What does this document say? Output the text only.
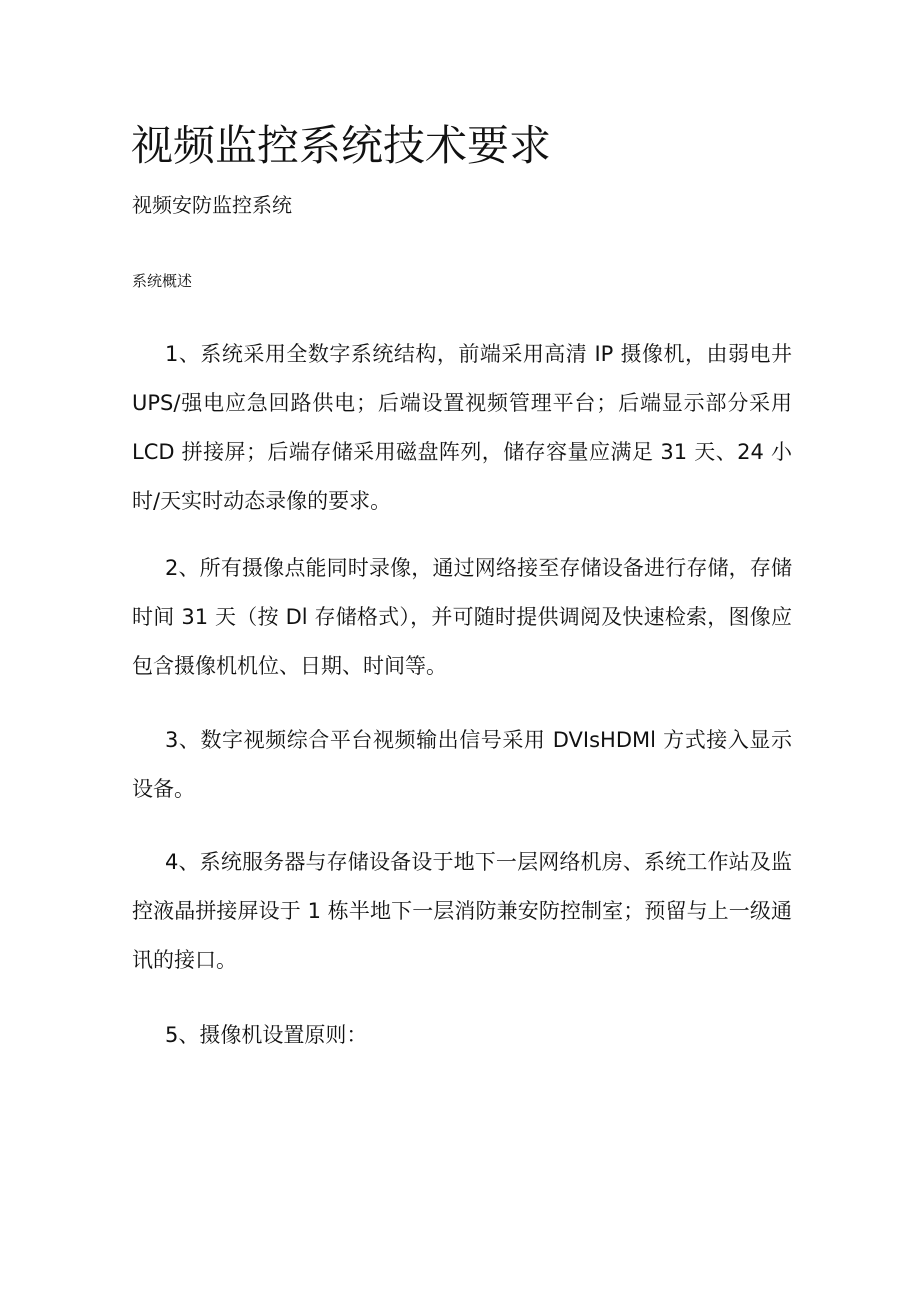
视频监控系统技术要求
视频安防监控系统
系统概述

1、系统采用全数字系统结构，前端采用高清 IP 摄像机，由弱电井 UPS/强电应急回路供电；后端设置视频管理平台；后端显示部分采用 LCD 拼接屏；后端存储采用磁盘阵列，储存容量应满足 31 天、24 小时/天实时动态录像的要求。

2、所有摄像点能同时录像，通过网络接至存储设备进行存储，存储时间 31 天（按 Dl 存储格式），并可随时提供调阅及快速检索，图像应包含摄像机机位、日期、时间等。

3、数字视频综合平台视频输出信号采用 DVIsHDMl 方式接入显示设备。

4、系统服务器与存储设备设于地下一层网络机房、系统工作站及监控液晶拼接屏设于 1 栋半地下一层消防兼安防控制室；预留与上一级通讯的接口。

5、摄像机设置原则：
